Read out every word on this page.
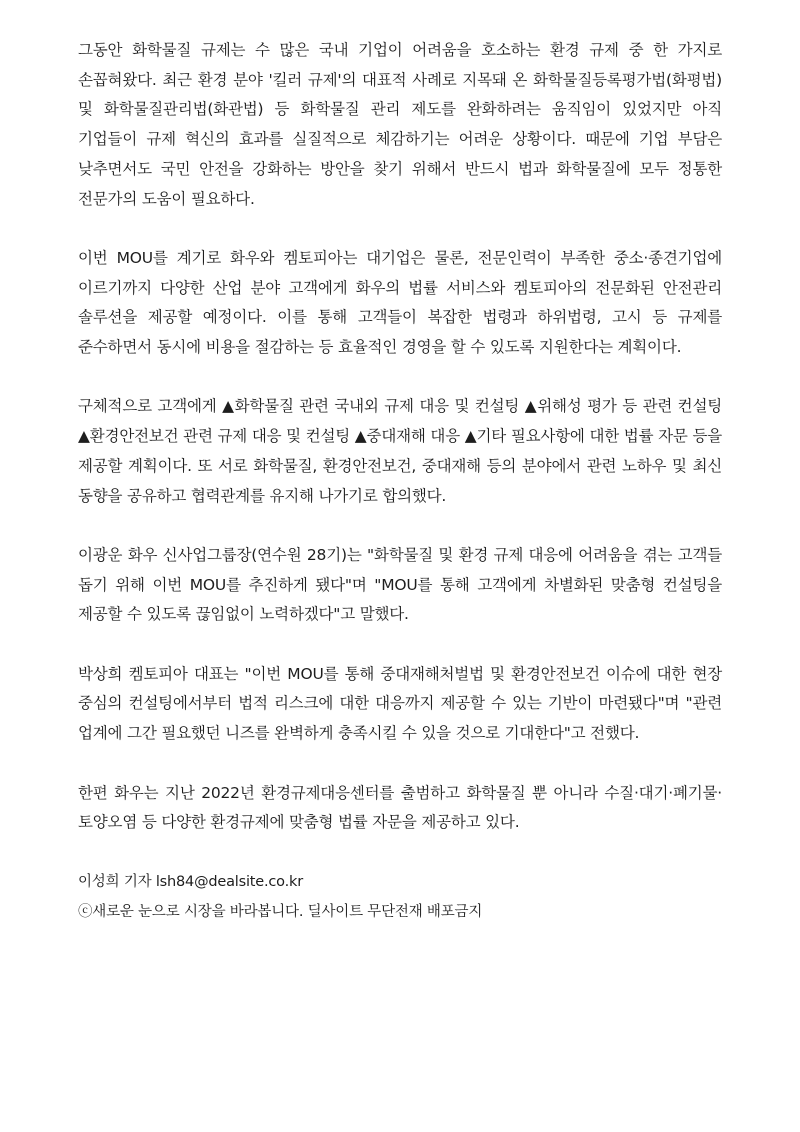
그동안 화학물질 규제는 수 많은 국내 기업이 어려움을 호소하는 환경 규제 중 한 가지로 손꼽혀왔다. 최근 환경 분야 '킬러 규제'의 대표적 사례로 지목돼 온 화학물질등록평가법(화평법) 및 화학물질관리법(화관법) 등 화학물질 관리 제도를 완화하려는 움직임이 있었지만 아직 기업들이 규제 혁신의 효과를 실질적으로 체감하기는 어려운 상황이다. 때문에 기업 부담은 낮추면서도 국민 안전을 강화하는 방안을 찾기 위해서 반드시 법과 화학물질에 모두 정통한 전문가의 도움이 필요하다.

이번 MOU를 계기로 화우와 켐토피아는 대기업은 물론, 전문인력이 부족한 중소·종견기업에 이르기까지 다양한 산업 분야 고객에게 화우의 법률 서비스와 켐토피아의 전문화된 안전관리 솔루션을 제공할 예정이다. 이를 통해 고객들이 복잡한 법령과 하위법령, 고시 등 규제를 준수하면서 동시에 비용을 절감하는 등 효율적인 경영을 할 수 있도록 지원한다는 계획이다.

구체적으로 고객에게 ▲화학물질 관련 국내외 규제 대응 및 컨설팅 ▲위해성 평가 등 관련 컨설팅 ▲환경안전보건 관련 규제 대응 및 컨설팅 ▲중대재해 대응 ▲기타 필요사항에 대한 법률 자문 등을 제공할 계획이다. 또 서로 화학물질, 환경안전보건, 중대재해 등의 분야에서 관련 노하우 및 최신 동향을 공유하고 협력관계를 유지해 나가기로 합의했다.

이광운 화우 신사업그룹장(연수원 28기)는 "화학물질 및 환경 규제 대응에 어려움을 겪는 고객들 돕기 위해 이번 MOU를 추진하게 됐다"며 "MOU를 통해 고객에게 차별화된 맞춤형 컨설팅을 제공할 수 있도록 끊임없이 노력하겠다"고 말했다.

박상희 켐토피아 대표는 "이번 MOU를 통해 중대재해처벌법 및 환경안전보건 이슈에 대한 현장 중심의 컨설팅에서부터 법적 리스크에 대한 대응까지 제공할 수 있는 기반이 마련됐다"며 "관련 업계에 그간 필요했던 니즈를 완벽하게 충족시킬 수 있을 것으로 기대한다"고 전했다.

한편 화우는 지난 2022년 환경규제대응센터를 출범하고 화학물질 뿐 아니라 수질·대기·폐기물·토양오염 등 다양한 환경규제에 맞춤형 법률 자문을 제공하고 있다.

이성희 기자 lsh84@dealsite.co.kr

ⓒ새로운 눈으로 시장을 바라봅니다. 딜사이트 무단전재 배포금지
